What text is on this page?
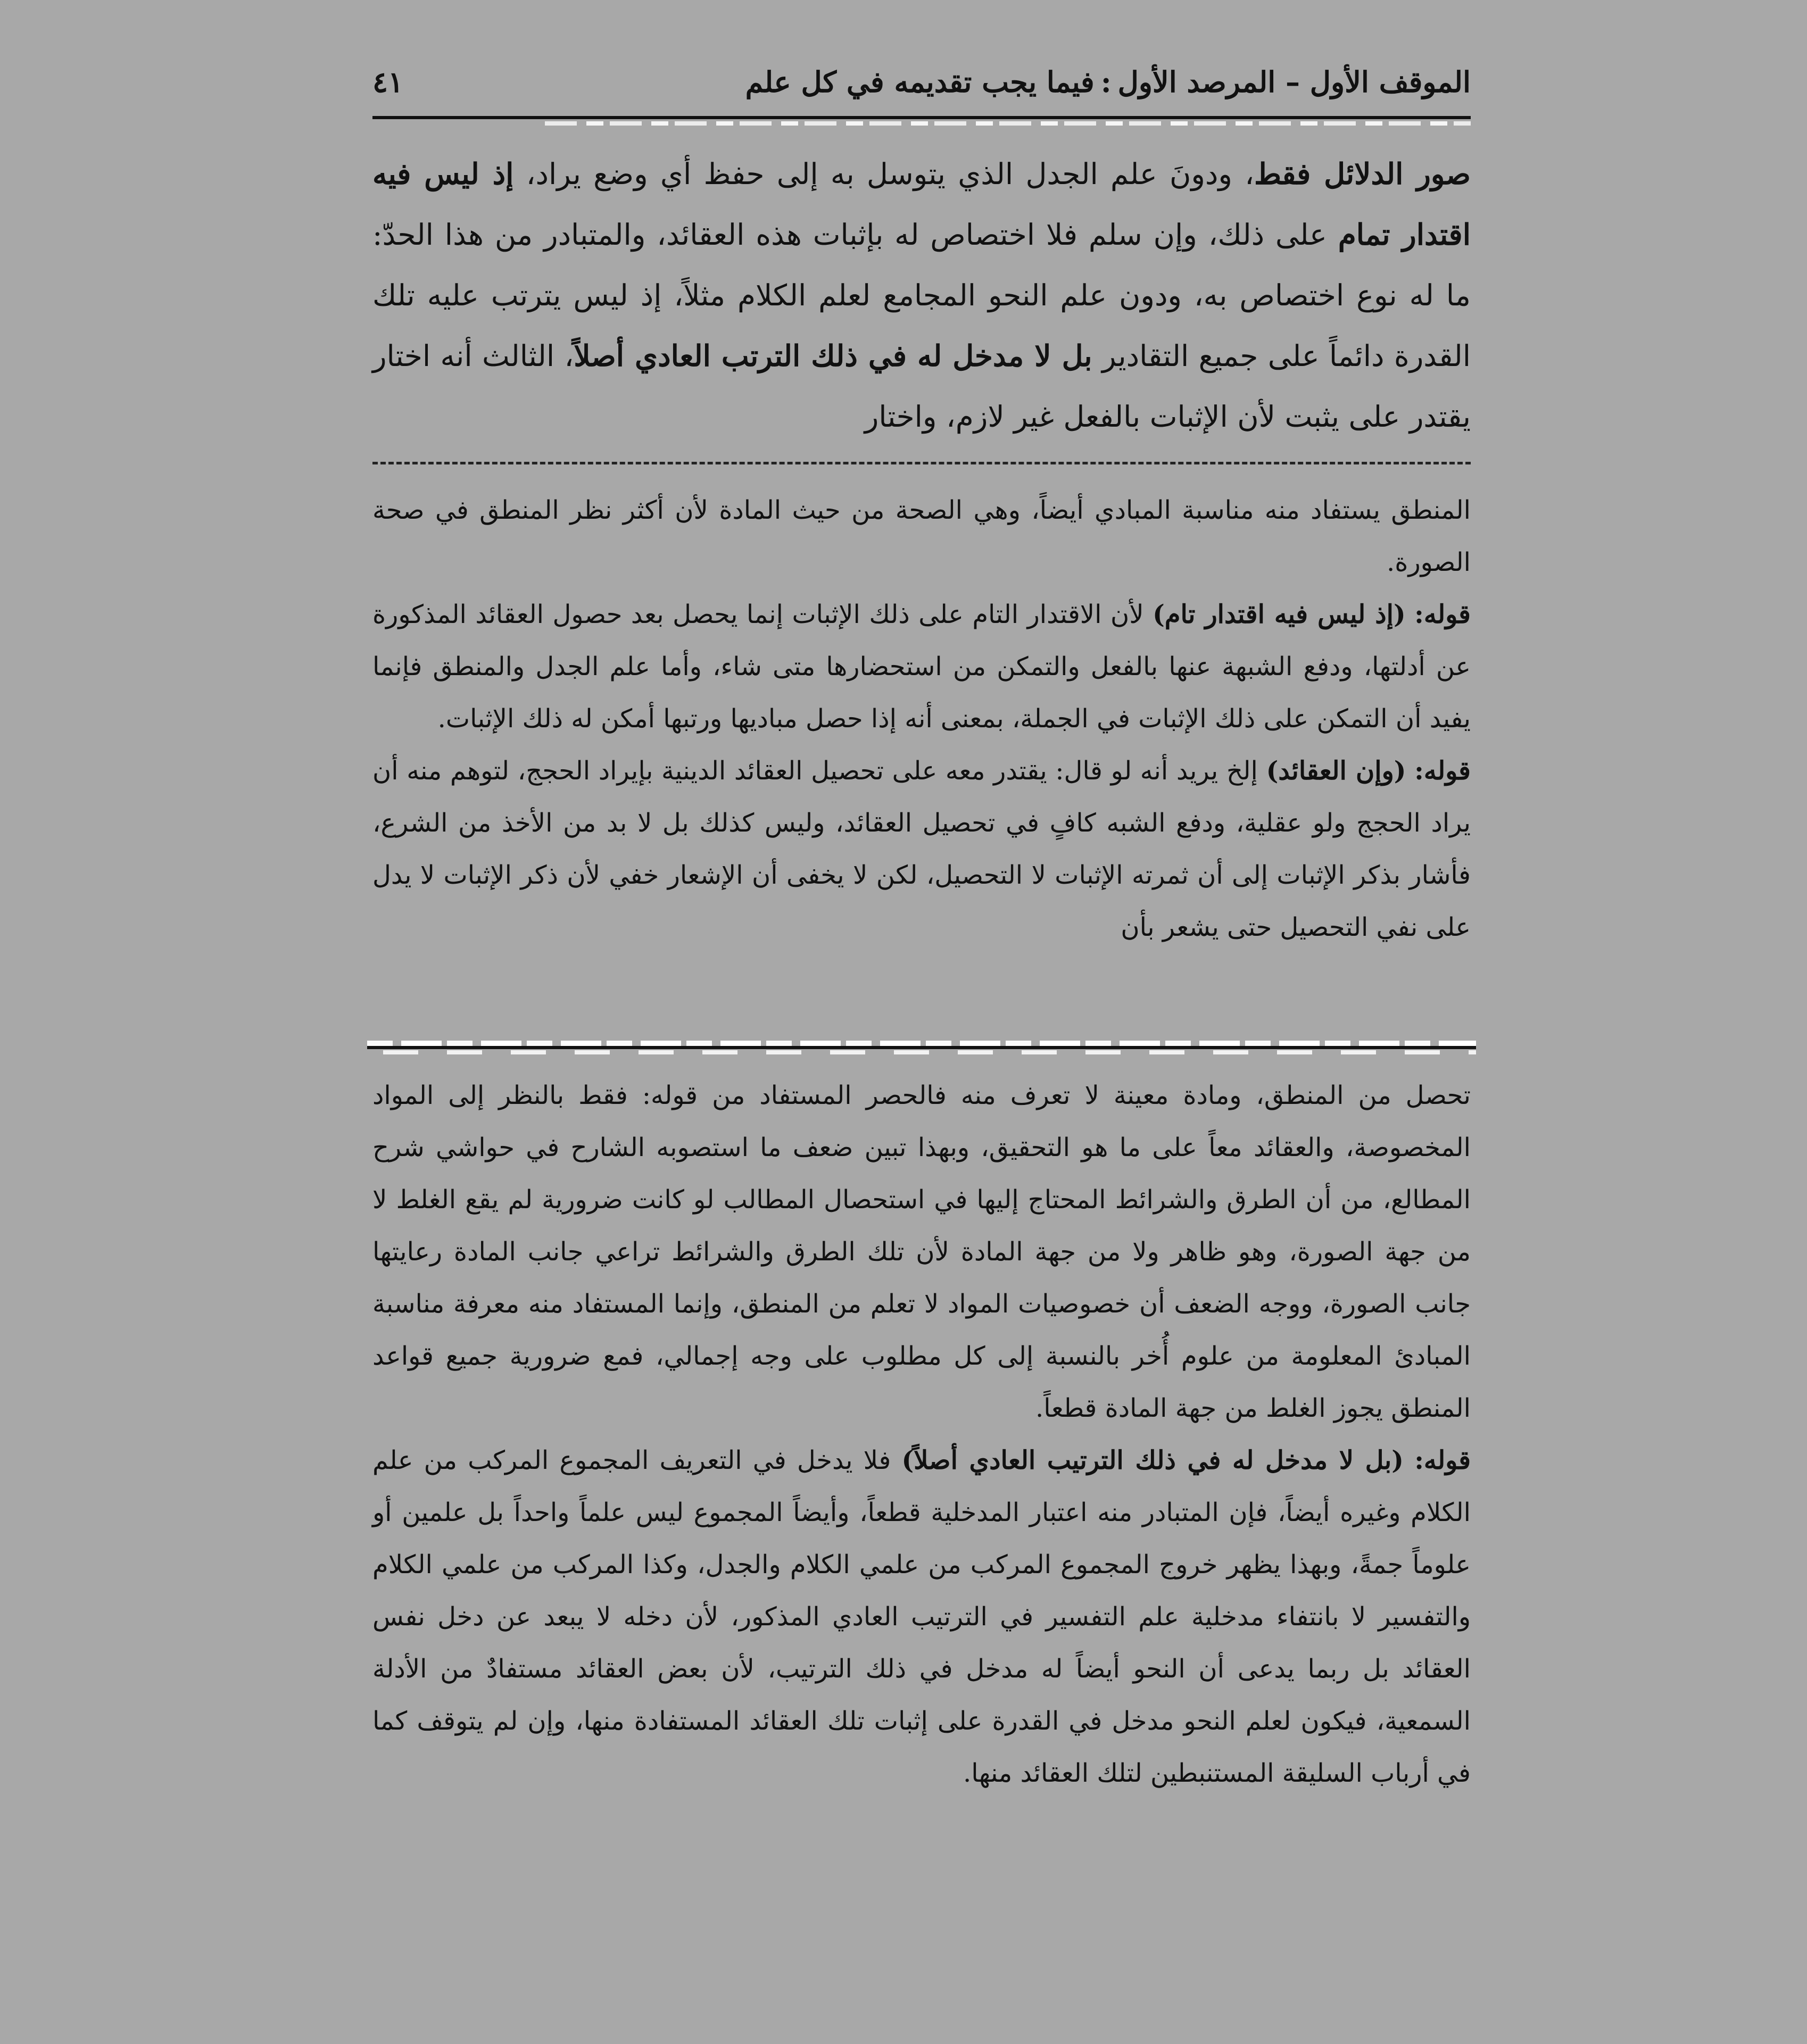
الموقف الأول – المرصد الأول:فيما يجب تقديمه في كل علم
٤١

صور الدلائل فقط، ودونَ علم الجدل الذي يتوسل به إلى حفظ أي وضع يراد، إذ ليس فيه اقتدار تمام على ذلك، وإن سلم فلا اختصاص له بإثبات هذه العقائد، والمتبادر من هذا الحدّ: ما له نوع اختصاص به، ودون علم النحو المجامع لعلم الكلام مثلاً، إذ ليس يترتب عليه تلك القدرة دائماً على جميع التقادير بل لا مدخل له في ذلك الترتب العادي أصلاً، الثالث أنه اختار يقتدر على يثبت لأن الإثبات بالفعل غير لازم، واختار

المنطق يستفاد منه مناسبة المبادي أيضاً، وهي الصحة من حيث المادة لأن أكثر نظر المنطق في صحة الصورة.

قوله: (إذ ليس فيه اقتدار تام) لأن الاقتدار التام على ذلك الإثبات إنما يحصل بعد حصول العقائد المذكورة عن أدلتها، ودفع الشبهة عنها بالفعل والتمكن من استحضارها متى شاء، وأما علم الجدل والمنطق فإنما يفيد أن التمكن على ذلك الإثبات في الجملة، بمعنى أنه إذا حصل مباديها ورتبها أمكن له ذلك الإثبات.

قوله: (وإن العقائد) إلخ يريد أنه لو قال: يقتدر معه على تحصيل العقائد الدينية بإيراد الحجج، لتوهم منه أن يراد الحجج ولو عقلية، ودفع الشبه كافٍ في تحصيل العقائد، وليس كذلك بل لا بد من الأخذ من الشرع، فأشار بذكر الإثبات إلى أن ثمرته الإثبات لا التحصيل، لكن لا يخفى أن الإشعار خفي لأن ذكر الإثبات لا يدل على نفي التحصيل حتى يشعر بأن

تحصل من المنطق، ومادة معينة لا تعرف منه فالحصر المستفاد من قوله: فقط بالنظر إلى المواد المخصوصة، والعقائد معاً على ما هو التحقيق، وبهذا تبين ضعف ما استصوبه الشارح في حواشي شرح المطالع، من أن الطرق والشرائط المحتاج إليها في استحصال المطالب لو كانت ضرورية لم يقع الغلط لا من جهة الصورة، وهو ظاهر ولا من جهة المادة لأن تلك الطرق والشرائط تراعي جانب المادة رعايتها جانب الصورة، ووجه الضعف أن خصوصيات المواد لا تعلم من المنطق، وإنما المستفاد منه معرفة مناسبة المبادئ المعلومة من علوم أُخر بالنسبة إلى كل مطلوب على وجه إجمالي، فمع ضرورية جميع قواعد المنطق يجوز الغلط من جهة المادة قطعاً.

قوله: (بل لا مدخل له في ذلك الترتيب العادي أصلاً) فلا يدخل في التعريف المجموع المركب من علم الكلام وغيره أيضاً، فإن المتبادر منه اعتبار المدخلية قطعاً، وأيضاً المجموع ليس علماً واحداً بل علمين أو علوماً جمةً، وبهذا يظهر خروج المجموع المركب من علمي الكلام والجدل، وكذا المركب من علمي الكلام والتفسير لا بانتفاء مدخلية علم التفسير في الترتيب العادي المذكور، لأن دخله لا يبعد عن دخل نفس العقائد بل ربما يدعى أن النحو أيضاً له مدخل في ذلك الترتيب، لأن بعض العقائد مستفادٌ من الأدلة السمعية، فيكون لعلم النحو مدخل في القدرة على إثبات تلك العقائد المستفادة منها، وإن لم يتوقف كما في أرباب السليقة المستنبطين لتلك العقائد منها.
